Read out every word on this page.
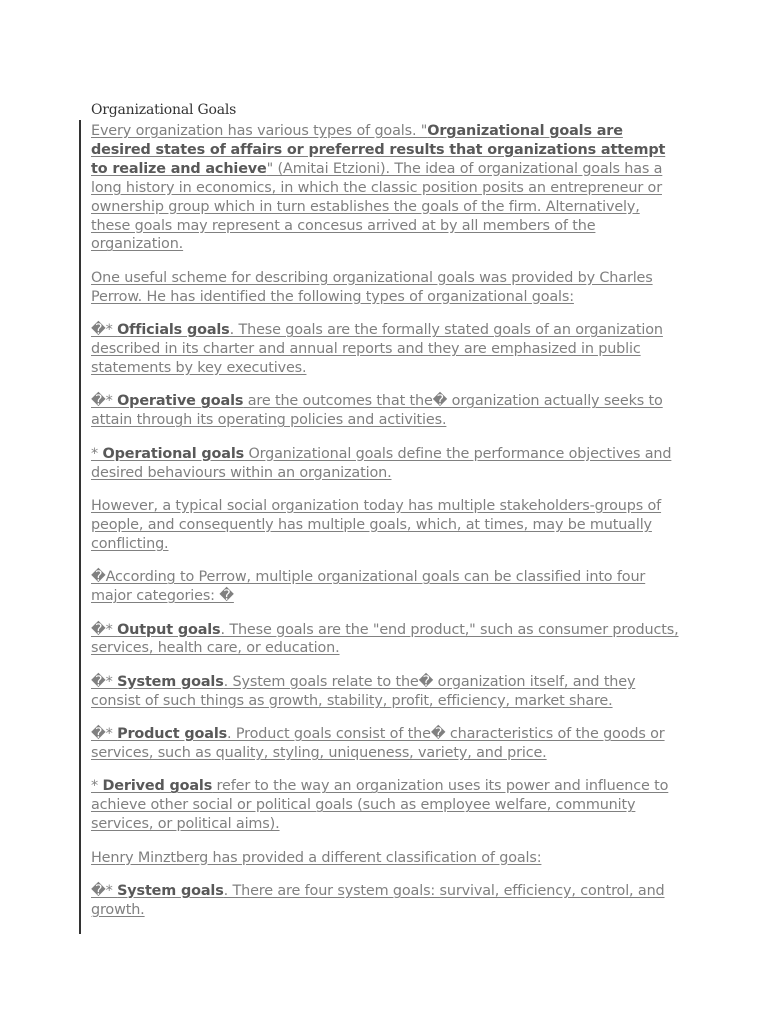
Organizational Goals

Every organization has various types of goals. "Organizational goals are desired states of affairs or preferred results that organizations attempt to realize and achieve" (Amitai Etzioni). The idea of organizational goals has a long history in economics, in which the classic position posits an entrepreneur or ownership group which in turn establishes the goals of the firm. Alternatively, these goals may represent a concesus arrived at by all members of the organization.

One useful scheme for describing organizational goals was provided by Charles Perrow. He has identified the following types of organizational goals:

�* Officials goals. These goals are the formally stated goals of an organization described in its charter and annual reports and they are emphasized in public statements by key executives.

�* Operative goals are the outcomes that the� organization actually seeks to attain through its operating policies and activities.

* Operational goals Organizational goals define the performance objectives and desired behaviours within an organization.

However, a typical social organization today has multiple stakeholders-groups of people, and consequently has multiple goals, which, at times, may be mutually conflicting.

�According to Perrow, multiple organizational goals can be classified into four major categories: �

�* Output goals. These goals are the "end product," such as consumer products, services, health care, or education.

�* System goals. System goals relate to the� organization itself, and they consist of such things as growth, stability, profit, efficiency, market share.

�* Product goals. Product goals consist of the� characteristics of the goods or services, such as quality, styling, uniqueness, variety, and price.

* Derived goals refer to the way an organization uses its power and influence to achieve other social or political goals (such as employee welfare, community services, or political aims).

Henry Minztberg has provided a different classification of goals:

�* System goals. There are four system goals: survival, efficiency, control, and growth.
